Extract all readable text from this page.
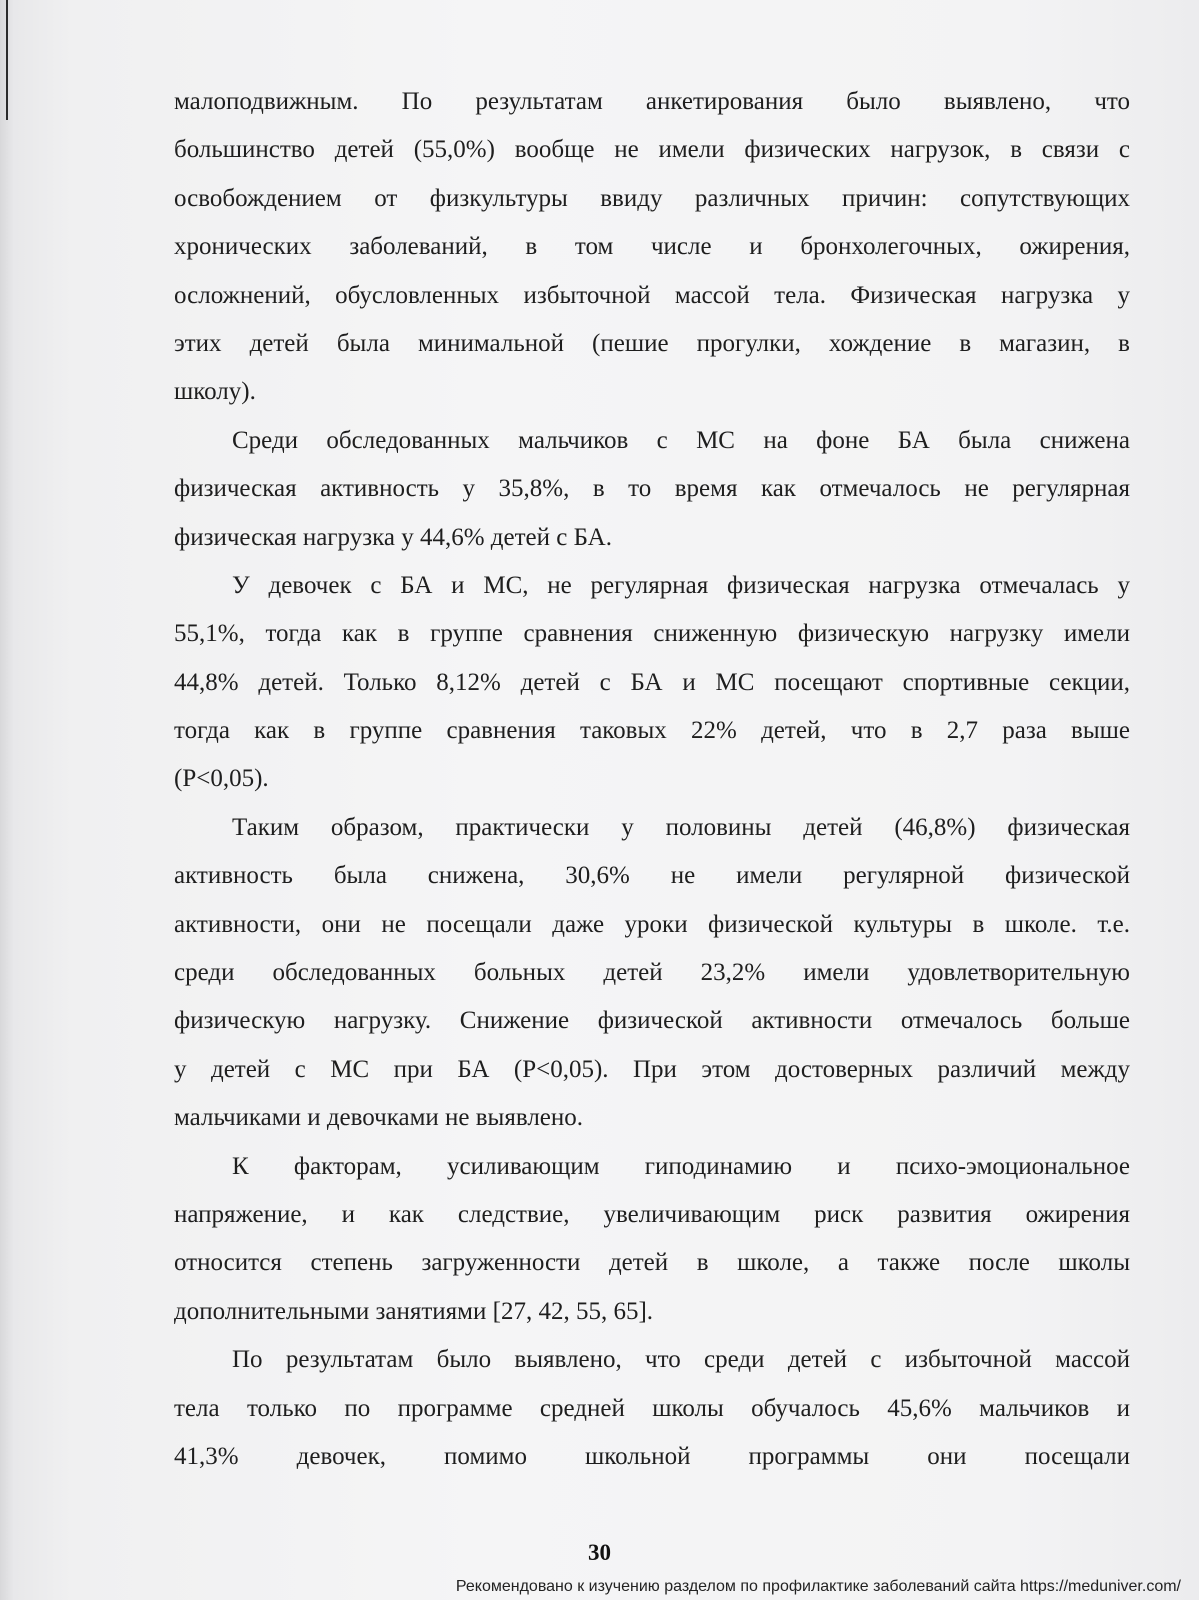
малоподвижным. По результатам анкетирования было выявлено, что
большинство детей (55,0%) вообще не имели физических нагрузок, в связи с
освобождением от физкультуры ввиду различных причин: сопутствующих
хронических заболеваний, в том числе и бронхолегочных, ожирения,
осложнений, обусловленных избыточной массой тела. Физическая нагрузка у
этих детей была минимальной (пешие прогулки, хождение в магазин, в
школу).
Среди обследованных мальчиков с МС на фоне БА была снижена
физическая активность у 35,8%, в то время как отмечалось не регулярная
физическая нагрузка у 44,6% детей с БА.
У девочек с БА и МС, не регулярная физическая нагрузка отмечалась у
55,1%, тогда как в группе сравнения сниженную физическую нагрузку имели
44,8% детей. Только 8,12% детей с БА и МС посещают спортивные секции,
тогда как в группе сравнения таковых 22% детей, что в 2,7 раза выше
(P<0,05).
Таким образом, практически у половины детей (46,8%) физическая
активность была снижена, 30,6% не имели регулярной физической
активности, они не посещали даже уроки физической культуры в школе. т.е.
среди обследованных больных детей 23,2% имели удовлетворительную
физическую нагрузку. Снижение физической активности отмечалось больше
у детей с МС при БА (P<0,05). При этом достоверных различий между
мальчиками и девочками не выявлено.
К факторам, усиливающим гиподинамию и психо-эмоциональное
напряжение, и как следствие, увеличивающим риск развития ожирения
относится степень загруженности детей в школе, а также после школы
дополнительными занятиями [27, 42, 55, 65].
По результатам было выявлено, что среди детей с избыточной массой
тела только по программе средней школы обучалось 45,6% мальчиков и
41,3% девочек, помимо школьной программы они посещали
30
Рекомендовано к изучению разделом по профилактике заболеваний сайта https://meduniver.com/
